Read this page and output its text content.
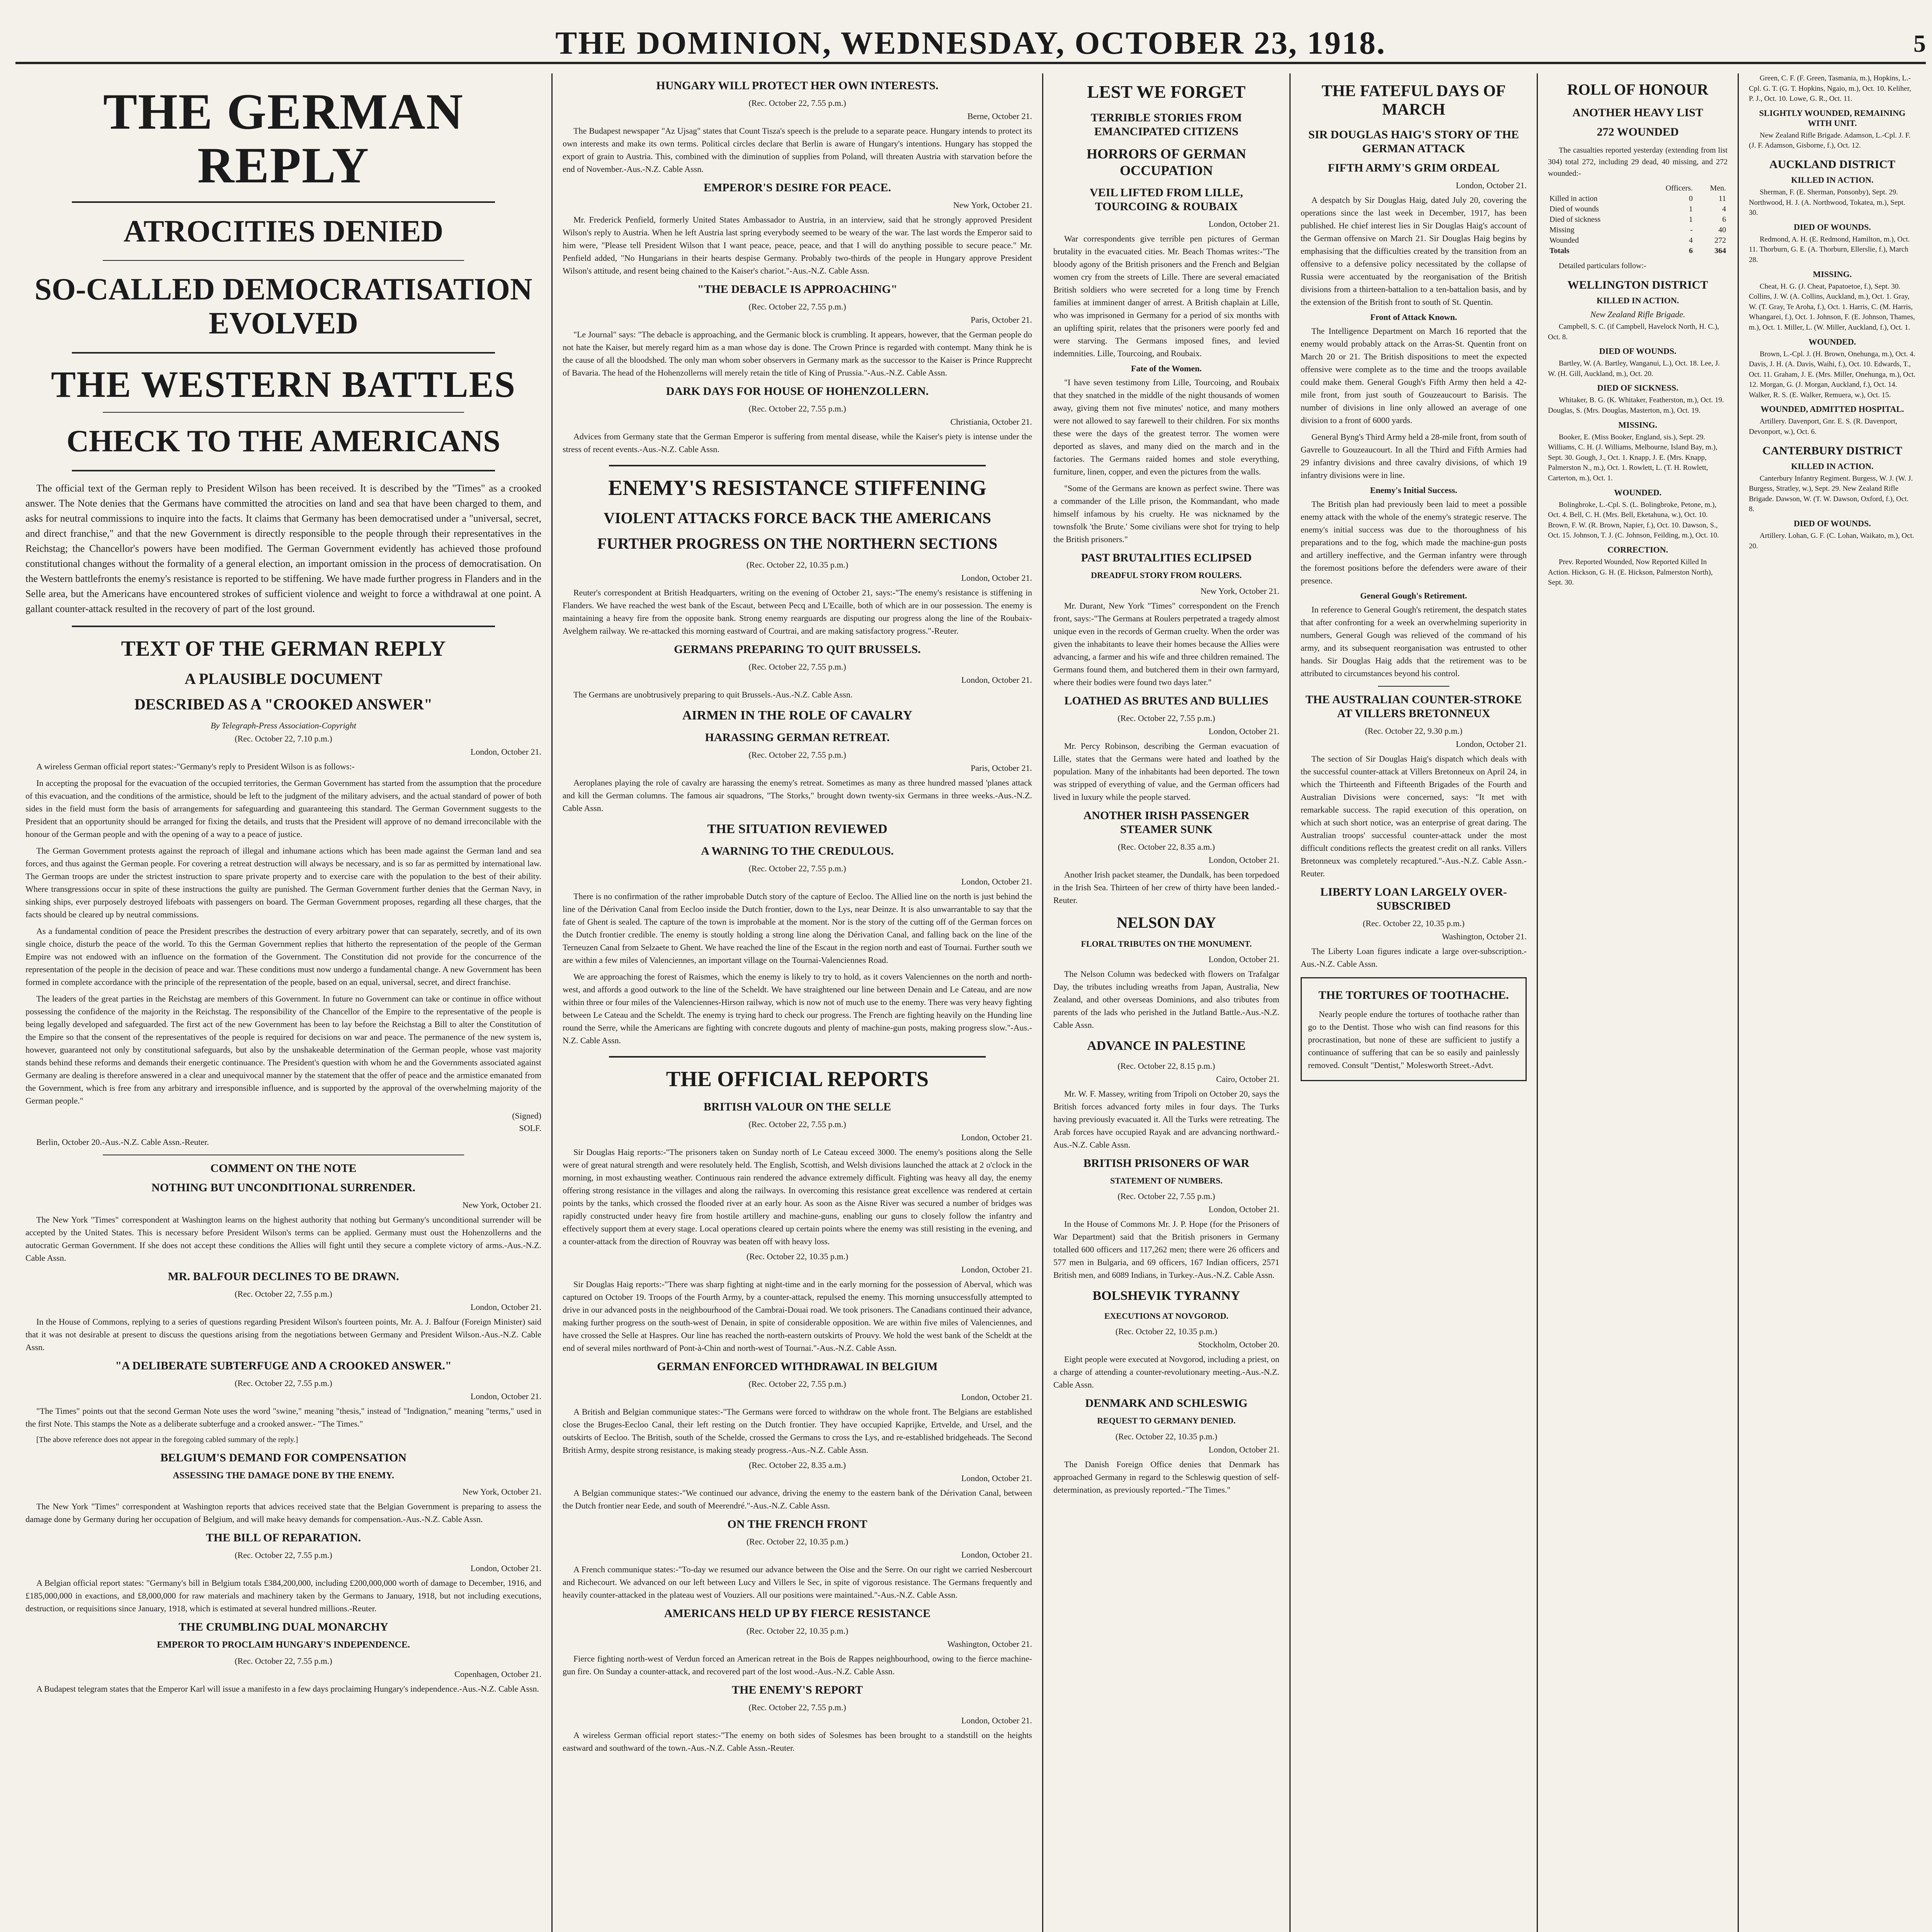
THE DOMINION, WEDNESDAY, OCTOBER 23, 1918.	5
THE GERMAN REPLY
ATROCITIES DENIED
SO-CALLED DEMOCRATISATION EVOLVED
THE WESTERN BATTLES
CHECK TO THE AMERICANS

The official text of the German reply to President Wilson has been received. It is described by the "Times" as a crooked answer. The Note denies that the Germans have committed the atrocities on land and sea that have been charged to them, and asks for neutral commissions to inquire into the facts. It claims that Germany has been democratised under a "universal, secret, and direct franchise," and that the new Government is directly responsible to the people through their representatives in the Reichstag; the Chancellor's powers have been modified. The German Government evidently has achieved those profound constitutional changes without the formality of a general election, an important omission in the process of democratisation. On the Western battlefronts the enemy's resistance is reported to be stiffening. We have made further progress in Flanders and in the Selle area, but the Americans have encountered strokes of sufficient violence and weight to force a withdrawal at one point. A gallant counter-attack resulted in the recovery of part of the lost ground.

TEXT OF THE GERMAN REPLY
A PLAUSIBLE DOCUMENT
DESCRIBED AS A "CROOKED ANSWER"
By Telegraph-Press Association-Copyright
(Rec. October 22, 7.10 p.m.)
London, October 21.

A wireless German official report states:-"Germany's reply to President Wilson is as follows:-

In accepting the proposal for the evacuation of the occupied territories, the German Government has started from the assumption that the procedure of this evacuation, and the conditions of the armistice, should be left to the judgment of the military advisers, and the actual standard of power of both sides in the field must form the basis of arrangements for safeguarding and guaranteeing this standard. The German Government suggests to the President that an opportunity should be arranged for fixing the details, and trusts that the President will approve of no demand irreconcilable with the honour of the German people and with the opening of a way to a peace of justice.

The German Government protests against the reproach of illegal and inhumane actions which has been made against the German land and sea forces, and thus against the German people. For covering a retreat destruction will always be necessary, and is so far as permitted by international law. The German troops are under the strictest instruction to spare private property and to exercise care with the population to the best of their ability. Where transgressions occur in spite of these instructions the guilty are punished. The German Government further denies that the German Navy, in sinking ships, ever purposely destroyed lifeboats with passengers on board. The German Government proposes, regarding all these charges, that the facts should be cleared up by neutral commissions.

As a fundamental condition of peace the President prescribes the destruction of every arbitrary power that can separately, secretly, and of its own single choice, disturb the peace of the world. To this the German Government replies that hitherto the representation of the people of the German Empire was not endowed with an influence on the formation of the Government. The Constitution did not provide for the concurrence of the representation of the people in the decision of peace and war. These conditions must now undergo a fundamental change. A new Government has been formed in complete accordance with the principle of the representation of the people, based on an equal, universal, secret, and direct franchise.

The leaders of the great parties in the Reichstag are members of this Government. In future no Government can take or continue in office without possessing the confidence of the majority in the Reichstag. The responsibility of the Chancellor of the Empire to the representative of the people is being legally developed and safeguarded. The first act of the new Government has been to lay before the Reichstag a Bill to alter the Constitution of the Empire so that the consent of the representatives of the people is required for decisions on war and peace. The permanence of the new system is, however, guaranteed not only by constitutional safeguards, but also by the unshakeable determination of the German people, whose vast majority stands behind these reforms and demands their energetic continuance. The President's question with whom he and the Governments associated against Germany are dealing is therefore answered in a clear and unequivocal manner by the statement that the offer of peace and the armistice emanated from the Government, which is free from any arbitrary and irresponsible influence, and is supported by the approval of the overwhelming majority of the German people."

(Signed)
SOLF.

Berlin, October 20.-Aus.-N.Z. Cable Assn.-Reuter.

COMMENT ON THE NOTE
NOTHING BUT UNCONDITIONAL SURRENDER.
New York, October 21.

The New York "Times" correspondent at Washington learns on the highest authority that nothing but Germany's unconditional surrender will be accepted by the United States. This is necessary before President Wilson's terms can be applied. Germany must oust the Hohenzollerns and the autocratic German Government. If she does not accept these conditions the Allies will fight until they secure a complete victory of arms.-Aus.-N.Z. Cable Assn.

MR. BALFOUR DECLINES TO BE DRAWN.
(Rec. October 22, 7.55 p.m.)
London, October 21.

In the House of Commons, replying to a series of questions regarding President Wilson's fourteen points, Mr. A. J. Balfour (Foreign Minister) said that it was not desirable at present to discuss the questions arising from the negotiations between Germany and President Wilson.-Aus.-N.Z. Cable Assn.

"A DELIBERATE SUBTERFUGE AND A CROOKED ANSWER."
(Rec. October 22, 7.55 p.m.)
London, October 21.

"The Times" points out that the second German Note uses the word "swine," meaning "thesis," instead of "Indignation," meaning "terms," used in the first Note. This stamps the Note as a deliberate subterfuge and a crooked answer.- "The Times."

[The above reference does not appear in the foregoing cabled summary of the reply.]

BELGIUM'S DEMAND FOR COMPENSATION
ASSESSING THE DAMAGE DONE BY THE ENEMY.
New York, October 21.

The New York "Times" correspondent at Washington reports that advices received state that the Belgian Government is preparing to assess the damage done by Germany during her occupation of Belgium, and will make heavy demands for compensation.-Aus.-N.Z. Cable Assn.

THE BILL OF REPARATION.
(Rec. October 22, 7.55 p.m.)
London, October 21.

A Belgian official report states: "Germany's bill in Belgium totals £384,200,000, including £200,000,000 worth of damage to December, 1916, and £185,000,000 in exactions, and £8,000,000 for raw materials and machinery taken by the Germans to January, 1918, but not including executions, destruction, or requisitions since January, 1918, which is estimated at several hundred millions.-Reuter.

THE CRUMBLING DUAL MONARCHY
EMPEROR TO PROCLAIM HUNGARY'S INDEPENDENCE.
(Rec. October 22, 7.55 p.m.)
Copenhagen, October 21.

A Budapest telegram states that the Emperor Karl will issue a manifesto in a few days proclaiming Hungary's independence.-Aus.-N.Z. Cable Assn.

HUNGARY WILL PROTECT HER OWN INTERESTS.
(Rec. October 22, 7.55 p.m.)
Berne, October 21.

The Budapest newspaper "Az Ujsag" states that Count Tisza's speech is the prelude to a separate peace. Hungary intends to protect its own interests and make its own terms. Political circles declare that Berlin is aware of Hungary's intentions. Hungary has stopped the export of grain to Austria. This, combined with the diminution of supplies from Poland, will threaten Austria with starvation before the end of November.-Aus.-N.Z. Cable Assn.

EMPEROR'S DESIRE FOR PEACE.
New York, October 21.

Mr. Frederick Penfield, formerly United States Ambassador to Austria, in an interview, said that he strongly approved President Wilson's reply to Austria. When he left Austria last spring everybody seemed to be weary of the war. The last words the Emperor said to him were, "Please tell President Wilson that I want peace, peace, peace, and that I will do anything possible to secure peace." Mr. Penfield added, "No Hungarians in their hearts despise Germany. Probably two-thirds of the people in Hungary approve President Wilson's attitude, and resent being chained to the Kaiser's chariot."-Aus.-N.Z. Cable Assn.

"THE DEBACLE IS APPROACHING"
(Rec. October 22, 7.55 p.m.)
Paris, October 21.

"Le Journal" says: "The debacle is approaching, and the Germanic block is crumbling. It appears, however, that the German people do not hate the Kaiser, but merely regard him as a man whose day is done. The Crown Prince is regarded with contempt. Many think he is the cause of all the bloodshed. The only man whom sober observers in Germany mark as the successor to the Kaiser is Prince Rupprecht of Bavaria. The head of the Hohenzollerns will merely retain the title of King of Prussia."-Aus.-N.Z. Cable Assn.

DARK DAYS FOR HOUSE OF HOHENZOLLERN.
(Rec. October 22, 7.55 p.m.)
Christiania, October 21.

Advices from Germany state that the German Emperor is suffering from mental disease, while the Kaiser's piety is intense under the stress of recent events.-Aus.-N.Z. Cable Assn.

ENEMY'S RESISTANCE STIFFENING
VIOLENT ATTACKS FORCE BACK THE AMERICANS
FURTHER PROGRESS ON THE NORTHERN SECTIONS
(Rec. October 22, 10.35 p.m.)
London, October 21.

Reuter's correspondent at British Headquarters, writing on the evening of October 21, says:-"The enemy's resistance is stiffening in Flanders. We have reached the west bank of the Escaut, between Pecq and L'Ecaille, both of which are in our possession. The enemy is maintaining a heavy fire from the opposite bank. Strong enemy rearguards are disputing our progress along the line of the Roubaix-Avelghem railway. We re-attacked this morning eastward of Courtrai, and are making satisfactory progress."-Reuter.

GERMANS PREPARING TO QUIT BRUSSELS.
(Rec. October 22, 7.55 p.m.)
London, October 21.

The Germans are unobtrusively preparing to quit Brussels.-Aus.-N.Z. Cable Assn.

AIRMEN IN THE ROLE OF CAVALRY
HARASSING GERMAN RETREAT.
(Rec. October 22, 7.55 p.m.)
Paris, October 21.

Aeroplanes playing the role of cavalry are harassing the enemy's retreat. Sometimes as many as three hundred massed 'planes attack and kill the German columns. The famous air squadrons, "The Storks," brought down twenty-six Germans in three weeks.-Aus.-N.Z. Cable Assn.

THE SITUATION REVIEWED
A WARNING TO THE CREDULOUS.
(Rec. October 22, 7.55 p.m.)
London, October 21.

There is no confirmation of the rather improbable Dutch story of the capture of Eecloo. The Allied line on the north is just behind the line of the Dérivation Canal from Eecloo inside the Dutch frontier, down to the Lys, near Deinze. It is also unwarrantable to say that the fate of Ghent is sealed. The capture of the town is improbable at the moment. Nor is the story of the cutting off of the German forces on the Dutch frontier credible. The enemy is stoutly holding a strong line along the Dérivation Canal, and falling back on the line of the Terneuzen Canal from Selzaete to Ghent. We have reached the line of the Escaut in the region north and east of Tournai. Further south we are within a few miles of Valenciennes, an important village on the Tournai-Valenciennes Road.

We are approaching the forest of Raismes, which the enemy is likely to try to hold, as it covers Valenciennes on the north and north-west, and affords a good outwork to the line of the Scheldt. We have straightened our line between Denain and Le Cateau, and are now within three or four miles of the Valenciennes-Hirson railway, which is now not of much use to the enemy. There was very heavy fighting between Le Cateau and the Scheldt. The enemy is trying hard to check our progress. The French are fighting heavily on the Hunding line round the Serre, while the Americans are fighting with concrete dugouts and plenty of machine-gun posts, making progress slow."-Aus.-N.Z. Cable Assn.

THE OFFICIAL REPORTS
BRITISH VALOUR ON THE SELLE
(Rec. October 22, 7.55 p.m.)
London, October 21.

Sir Douglas Haig reports:-"The prisoners taken on Sunday north of Le Cateau exceed 3000. The enemy's positions along the Selle were of great natural strength and were resolutely held. The English, Scottish, and Welsh divisions launched the attack at 2 o'clock in the morning, in most exhausting weather. Continuous rain rendered the advance extremely difficult. Fighting was heavy all day, the enemy offering strong resistance in the villages and along the railways. In overcoming this resistance great excellence was rendered at certain points by the tanks, which crossed the flooded river at an early hour. As soon as the Aisne River was secured a number of bridges was rapidly constructed under heavy fire from hostile artillery and machine-guns, enabling our guns to closely follow the infantry and effectively support them at every stage. Local operations cleared up certain points where the enemy was still resisting in the evening, and a counter-attack from the direction of Rouvray was beaten off with heavy loss.

(Rec. October 22, 10.35 p.m.)
London, October 21.

Sir Douglas Haig reports:-"There was sharp fighting at night-time and in the early morning for the possession of Aberval, which was captured on October 19. Troops of the Fourth Army, by a counter-attack, repulsed the enemy. This morning unsuccessfully attempted to drive in our advanced posts in the neighbourhood of the Cambrai-Douai road. We took prisoners. The Canadians continued their advance, making further progress on the south-west of Denain, in spite of considerable opposition. We are within five miles of Valenciennes, and have crossed the Selle at Haspres. Our line has reached the north-eastern outskirts of Prouvy. We hold the west bank of the Scheldt at the end of several miles northward of Pont-à-Chin and north-west of Tournai."-Aus.-N.Z. Cable Assn.

GERMAN ENFORCED WITHDRAWAL IN BELGIUM
(Rec. October 22, 7.55 p.m.)
London, October 21.

A British and Belgian communique states:-"The Germans were forced to withdraw on the whole front. The Belgians are established close the Bruges-Eecloo Canal, their left resting on the Dutch frontier. They have occupied Kaprijke, Ertvelde, and Ursel, and the outskirts of Eecloo. The British, south of the Schelde, crossed the Germans to cross the Lys, and re-established bridgeheads. The Second British Army, despite strong resistance, is making steady progress.-Aus.-N.Z. Cable Assn.

(Rec. October 22, 8.35 a.m.)
London, October 21.

A Belgian communique states:-"We continued our advance, driving the enemy to the eastern bank of the Dérivation Canal, between the Dutch frontier near Eede, and south of Meerendré."-Aus.-N.Z. Cable Assn.

ON THE FRENCH FRONT
(Rec. October 22, 10.35 p.m.)
London, October 21.

A French communique states:-"To-day we resumed our advance between the Oise and the Serre. On our right we carried Nesbercourt and Richecourt. We advanced on our left between Lucy and Villers le Sec, in spite of vigorous resistance. The Germans frequently and heavily counter-attacked in the plateau west of Vouziers. All our positions were maintained."-Aus.-N.Z. Cable Assn.

AMERICANS HELD UP BY FIERCE RESISTANCE
(Rec. October 22, 10.35 p.m.)
Washington, October 21.

Fierce fighting north-west of Verdun forced an American retreat in the Bois de Rappes neighbourhood, owing to the fierce machine-gun fire. On Sunday a counter-attack, and recovered part of the lost wood.-Aus.-N.Z. Cable Assn.

THE ENEMY'S REPORT
(Rec. October 22, 7.55 p.m.)
London, October 21.

A wireless German official report states:-"The enemy on both sides of Solesmes has been brought to a standstill on the heights eastward and southward of the town.-Aus.-N.Z. Cable Assn.-Reuter.

LEST WE FORGET
TERRIBLE STORIES FROM EMANCIPATED CITIZENS
HORRORS OF GERMAN OCCUPATION
VEIL LIFTED FROM LILLE, TOURCOING & ROUBAIX
London, October 21.

War correspondents give terrible pen pictures of German brutality in the evacuated cities. Mr. Beach Thomas writes:-"The bloody agony of the British prisoners and the French and Belgian women cry from the streets of Lille. There are several emaciated British soldiers who were secreted for a long time by French families at imminent danger of arrest. A British chaplain at Lille, who was imprisoned in Germany for a period of six months with an uplifting spirit, relates that the prisoners were poorly fed and were starving. The Germans imposed fines, and levied indemnities. Lille, Tourcoing, and Roubaix.

Fate of the Women.

"I have seven testimony from Lille, Tourcoing, and Roubaix that they snatched in the middle of the night thousands of women away, giving them not five minutes' notice, and many mothers were not allowed to say farewell to their children. For six months these were the days of the greatest terror. The women were deported as slaves, and many died on the march and in the factories. The Germans raided homes and stole everything, furniture, linen, copper, and even the pictures from the walls.

"Some of the Germans are known as perfect swine. There was a commander of the Lille prison, the Kommandant, who made himself infamous by his cruelty. He was nicknamed by the townsfolk 'the Brute.' Some civilians were shot for trying to help the British prisoners."

PAST BRUTALITIES ECLIPSED
DREADFUL STORY FROM ROULERS.
New York, October 21.

Mr. Durant, New York "Times" correspondent on the French front, says:-"The Germans at Roulers perpetrated a tragedy almost unique even in the records of German cruelty. When the order was given the inhabitants to leave their homes because the Allies were advancing, a farmer and his wife and three children remained. The Germans found them, and butchered them in their own farmyard, where their bodies were found two days later."

LOATHED AS BRUTES AND BULLIES
(Rec. October 22, 7.55 p.m.)
London, October 21.

Mr. Percy Robinson, describing the German evacuation of Lille, states that the Germans were hated and loathed by the population. Many of the inhabitants had been deported. The town was stripped of everything of value, and the German officers had lived in luxury while the people starved.

ANOTHER IRISH PASSENGER STEAMER SUNK
(Rec. October 22, 8.35 a.m.)
London, October 21.

Another Irish packet steamer, the Dundalk, has been torpedoed in the Irish Sea. Thirteen of her crew of thirty have been landed.-Reuter.

NELSON DAY
FLORAL TRIBUTES ON THE MONUMENT.
London, October 21.

The Nelson Column was bedecked with flowers on Trafalgar Day, the tributes including wreaths from Japan, Australia, New Zealand, and other overseas Dominions, and also tributes from parents of the lads who perished in the Jutland Battle.-Aus.-N.Z. Cable Assn.

ADVANCE IN PALESTINE
(Rec. October 22, 8.15 p.m.)
Cairo, October 21.

Mr. W. F. Massey, writing from Tripoli on October 20, says the British forces advanced forty miles in four days. The Turks having previously evacuated it. All the Turks were retreating. The Arab forces have occupied Rayak and are advancing northward.-Aus.-N.Z. Cable Assn.

BRITISH PRISONERS OF WAR
STATEMENT OF NUMBERS.
(Rec. October 22, 7.55 p.m.)
London, October 21.

In the House of Commons Mr. J. P. Hope (for the Prisoners of War Department) said that the British prisoners in Germany totalled 600 officers and 117,262 men; there were 26 officers and 577 men in Bulgaria, and 69 officers, 167 Indian officers, 2571 British men, and 6089 Indians, in Turkey.-Aus.-N.Z. Cable Assn.

BOLSHEVIK TYRANNY
EXECUTIONS AT NOVGOROD.
(Rec. October 22, 10.35 p.m.)
Stockholm, October 20.

Eight people were executed at Novgorod, including a priest, on a charge of attending a counter-revolutionary meeting.-Aus.-N.Z. Cable Assn.

DENMARK AND SCHLESWIG
REQUEST TO GERMANY DENIED.
(Rec. October 22, 10.35 p.m.)
London, October 21.

The Danish Foreign Office denies that Denmark has approached Germany in regard to the Schleswig question of self-determination, as previously reported.-"The Times."

THE FATEFUL DAYS OF MARCH
SIR DOUGLAS HAIG'S STORY OF THE GERMAN ATTACK
FIFTH ARMY'S GRIM ORDEAL
London, October 21.

A despatch by Sir Douglas Haig, dated July 20, covering the operations since the last week in December, 1917, has been published. He chief interest lies in Sir Douglas Haig's account of the German offensive on March 21. Sir Douglas Haig begins by emphasising that the difficulties created by the transition from an offensive to a defensive policy necessitated by the collapse of Russia were accentuated by the reorganisation of the British divisions from a thirteen-battalion to a ten-battalion basis, and by the extension of the British front to south of St. Quentin.

Front of Attack Known.

The Intelligence Department on March 16 reported that the enemy would probably attack on the Arras-St. Quentin front on March 20 or 21. The British dispositions to meet the expected offensive were complete as to the time and the troops available could make them. General Gough's Fifth Army then held a 42-mile front, from just south of Gouzeaucourt to Barisis. The number of divisions in line only allowed an average of one division to a front of 6000 yards.

General Byng's Third Army held a 28-mile front, from south of Gavrelle to Gouzeaucourt. In all the Third and Fifth Armies had 29 infantry divisions and three cavalry divisions, of which 19 infantry divisions were in line.

Enemy's Initial Success.

The British plan had previously been laid to meet a possible enemy attack with the whole of the enemy's strategic reserve. The enemy's initial success was due to the thoroughness of his preparations and to the fog, which made the machine-gun posts and artillery ineffective, and the German infantry were through the foremost positions before the defenders were aware of their presence.

General Gough's Retirement.

In reference to General Gough's retirement, the despatch states that after confronting for a week an overwhelming superiority in numbers, General Gough was relieved of the command of his army, and its subsequent reorganisation was entrusted to other hands. Sir Douglas Haig adds that the retirement was to be attributed to circumstances beyond his control.

THE AUSTRALIAN COUNTER-STROKE AT VILLERS BRETONNEUX
(Rec. October 22, 9.30 p.m.)
London, October 21.

The section of Sir Douglas Haig's dispatch which deals with the successful counter-attack at Villers Bretonneux on April 24, in which the Thirteenth and Fifteenth Brigades of the Fourth and Australian Divisions were concerned, says: "It met with remarkable success. The rapid execution of this operation, on which at such short notice, was an enterprise of great daring. The Australian troops' successful counter-attack under the most difficult conditions reflects the greatest credit on all ranks. Villers Bretonneux was completely recaptured."-Aus.-N.Z. Cable Assn.-Reuter.

LIBERTY LOAN LARGELY OVER-SUBSCRIBED
(Rec. October 22, 10.35 p.m.)
Washington, October 21.

The Liberty Loan figures indicate a large over-subscription.-Aus.-N.Z. Cable Assn.

THE TORTURES OF TOOTHACHE.

Nearly people endure the tortures of toothache rather than go to the Dentist. Those who wish can find reasons for this procrastination, but none of these are sufficient to justify a continuance of suffering that can be so easily and painlessly removed. Consult "Dentist," Molesworth Street.-Advt.

ROLL OF HONOUR
ANOTHER HEAVY LIST
272 WOUNDED

The casualties reported yesterday (extending from list 304) total 272, including 29 dead, 40 missing, and 272 wounded:-

	Officers.	Men.
Killed in action	0	11
Died of wounds	1	4
Died of sickness	1	6
Missing	-	40
Wounded	4	272
Totals	6	364

Detailed particulars follow:-

WELLINGTON DISTRICT
KILLED IN ACTION.
New Zealand Rifle Brigade.

Campbell, S. C. (if Campbell, Havelock North, H. C.), Oct. 8.

DIED OF WOUNDS.

Bartley, W. (A. Bartley, Wanganui, L.), Oct. 18. Lee, J. W. (H. Gill, Auckland, m.), Oct. 20.

DIED OF SICKNESS.

Whitaker, B. G. (K. Whitaker, Featherston, m.), Oct. 19. Douglas, S. (Mrs. Douglas, Masterton, m.), Oct. 19.

MISSING.

Booker, E. (Miss Booker, England, sis.), Sept. 29. Williams, C. H. (J. Williams, Melbourne, Island Bay, m.), Sept. 30. Gough, J., Oct. 1. Knapp, J. E. (Mrs. Knapp, Palmerston N., m.), Oct. 1. Rowlett, L. (T. H. Rowlett, Carterton, m.), Oct. 1.

WOUNDED.

Bolingbroke, L.-Cpl. S. (L. Bolingbroke, Petone, m.), Oct. 4. Bell, C. H. (Mrs. Bell, Eketahuna, w.), Oct. 10. Brown, F. W. (R. Brown, Napier, f.), Oct. 10. Dawson, S., Oct. 15. Johnson, T. J. (C. Johnson, Feilding, m.), Oct. 10.

CORRECTION.

Prev. Reported Wounded, Now Reported Killed In Action. Hickson, G. H. (E. Hickson, Palmerston North), Sept. 30.

Green, C. F. (F. Green, Tasmania, m.), Hopkins, L.-Cpl. G. T. (G. T. Hopkins, Ngaio, m.), Oct. 10. Keliher, P. J., Oct. 10. Lowe, G. R., Oct. 11.

SLIGHTLY WOUNDED, REMAINING WITH UNIT.

New Zealand Rifle Brigade. Adamson, L.-Cpl. J. F. (J. F. Adamson, Gisborne, f.), Oct. 12.

AUCKLAND DISTRICT
KILLED IN ACTION.

Sherman, F. (E. Sherman, Ponsonby), Sept. 29. Northwood, H. J. (A. Northwood, Tokatea, m.), Sept. 30.

DIED OF WOUNDS.

Redmond, A. H. (E. Redmond, Hamilton, m.), Oct. 11. Thorburn, G. E. (A. Thorburn, Ellerslie, f.), March 28.

MISSING.

Cheat, H. G. (J. Cheat, Papatoetoe, f.), Sept. 30. Collins, J. W. (A. Collins, Auckland, m.), Oct. 1. Gray, W. (T. Gray, Te Aroha, f.), Oct. 1. Harris, C. (M. Harris, Whangarei, f.), Oct. 1. Johnson, F. (E. Johnson, Thames, m.), Oct. 1. Miller, L. (W. Miller, Auckland, f.), Oct. 1.

WOUNDED.

Brown, L.-Cpl. J. (H. Brown, Onehunga, m.), Oct. 4. Davis, J. H. (A. Davis, Waihi, f.), Oct. 10. Edwards, T., Oct. 11. Graham, J. E. (Mrs. Miller, Onehunga, m.), Oct. 12. Morgan, G. (J. Morgan, Auckland, f.), Oct. 14. Walker, R. S. (E. Walker, Remuera, w.), Oct. 15.

WOUNDED, ADMITTED HOSPITAL.

Artillery. Davenport, Gnr. E. S. (R. Davenport, Devonport, w.), Oct. 6.

CANTERBURY DISTRICT
KILLED IN ACTION.

Canterbury Infantry Regiment. Burgess, W. J. (W. J. Burgess, Stratley, w.), Sept. 29. New Zealand Rifle Brigade. Dawson, W. (T. W. Dawson, Oxford, f.), Oct. 8.

DIED OF WOUNDS.

Artillery. Lohan, G. F. (C. Lohan, Waikato, m.), Oct. 20.
